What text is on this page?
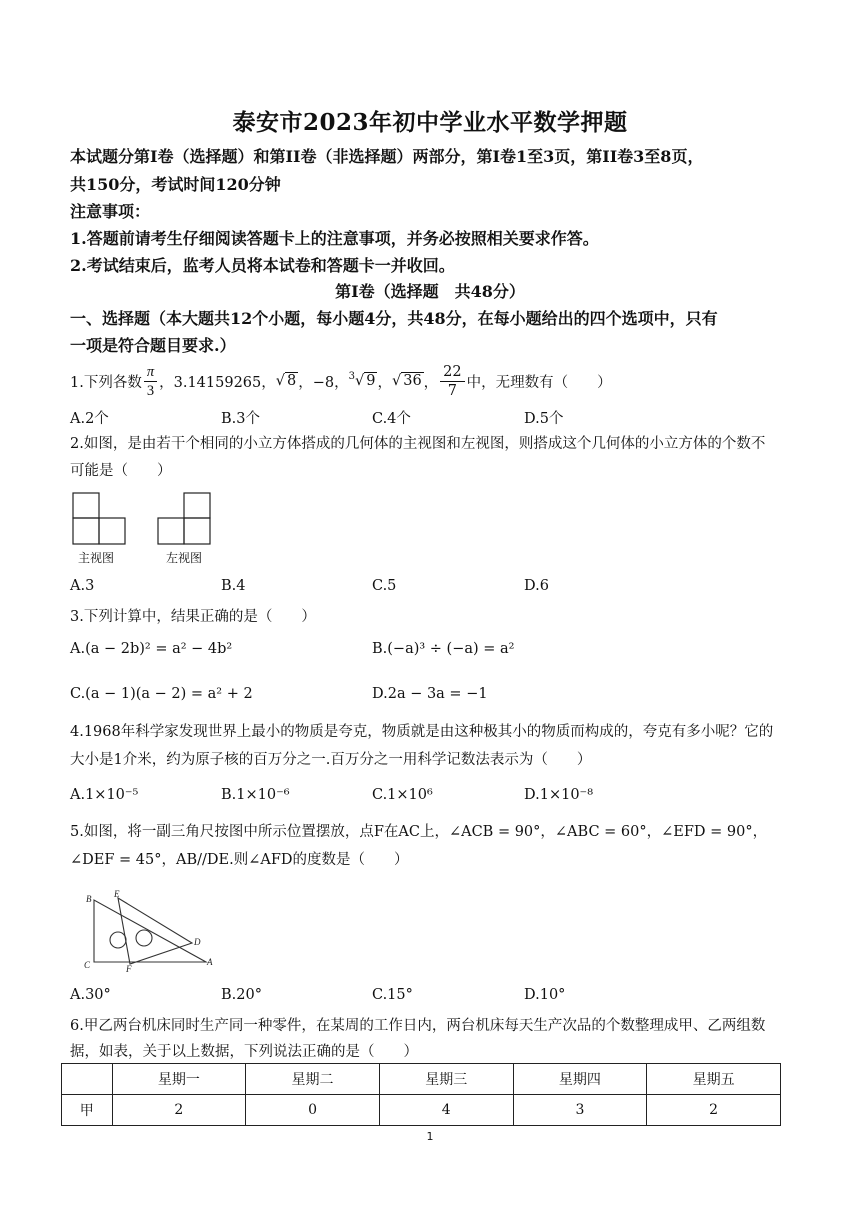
泰安市2023年初中学业水平数学押题
本试题分第I卷（选择题）和第II卷（非选择题）两部分，第I卷1至3页，第II卷3至8页，
共150分，考试时间120分钟
注意事项：
1.答题前请考生仔细阅读答题卡上的注意事项，并务必按照相关要求作答。
2.考试结束后，监考人员将本试卷和答题卡一并收回。
第I卷（选择题　共48分）
一、选择题（本大题共12个小题，每小题4分，共48分，在每小题给出的四个选项中，只有
一项是符合题目要求.）
1.下列各数 $\frac{\pi}{3}$ ，3.14159265， √ 8 ，−8， $^3$√ 9 ， √ 36 ， $\frac{22}{7}$ 中，无理数有（　　）
A.2个	B.3个	C.4个	D.5个
2.如图，是由若干个相同的小立方体搭成的几何体的主视图和左视图，则搭成这个几何体的小立方体的个数不
可能是（　　）
主视图	左视图
A.3	B.4	C.5	D.6
3.下列计算中，结果正确的是（　　）
A.(a − 2b)² = a² − 4b²	B.(−a)³ ÷ (−a) = a²
C.(a − 1)(a − 2) = a² + 2	D.2a − 3a = −1
4.1968年科学家发现世界上最小的物质是夸克，物质就是由这种极其小的物质而构成的，夸克有多小呢？它的
大小是1介米，约为原子核的百万分之一.百万分之一用科学记数法表示为（　　）
A.1×10⁻⁵	B.1×10⁻⁶	C.1×10⁶	D.1×10⁻⁸
5.如图，将一副三角尺按图中所示位置摆放，点F在AC上，∠ACB = 90°，∠ABC = 60°，∠EFD = 90°，
∠DEF = 45°，AB//DE.则∠AFD的度数是（　　）
B	E
D
C	F
A
A.30°	B.20°	C.15°	D.10°
6.甲乙两台机床同时生产同一种零件，在某周的工作日内，两台机床每天生产次品的个数整理成甲、乙两组数
据，如表，关于以上数据，下列说法正确的是（　　）
	星期一	星期二	星期三	星期四	星期五
甲	2	0	4	3	2
1
